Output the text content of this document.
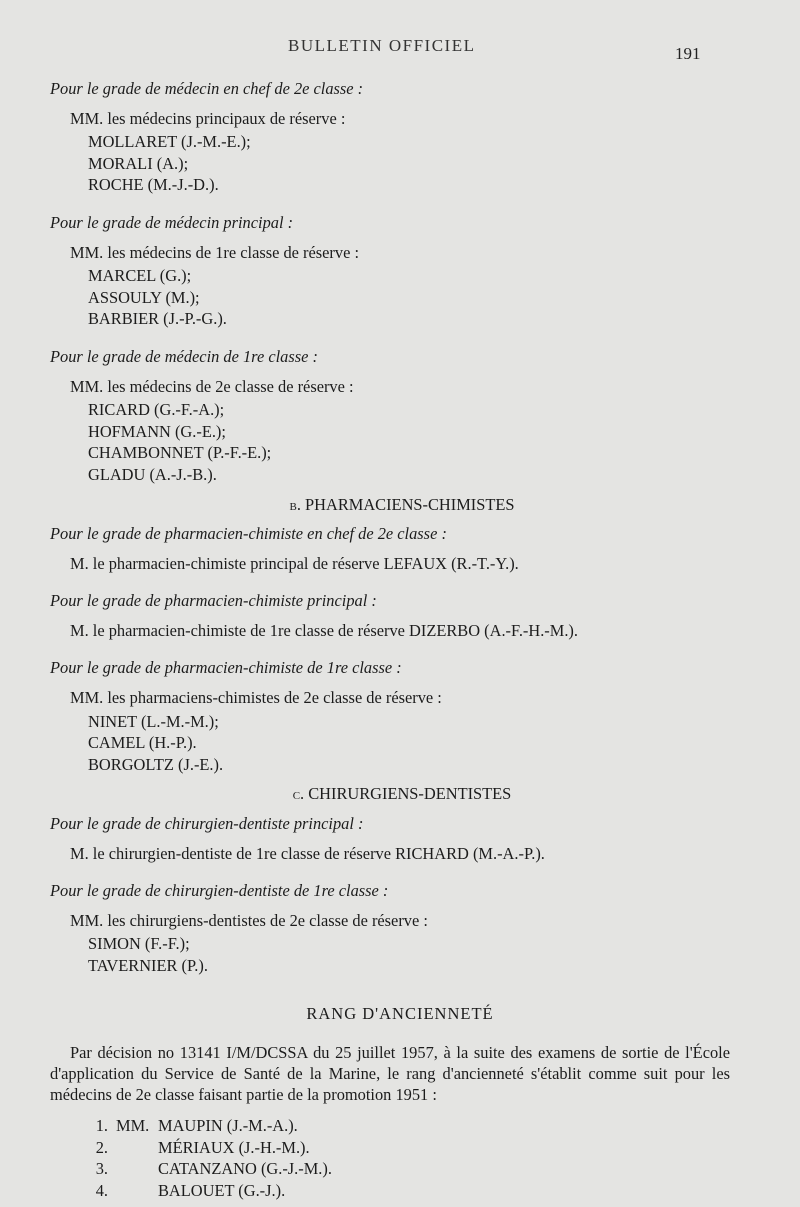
BULLETIN OFFICIEL	191
Pour le grade de médecin en chef de 2e classe :
MM. les médecins principaux de réserve :
MOLLARET (J.-M.-E.);
MORALI (A.);
ROCHE (M.-J.-D.).
Pour le grade de médecin principal :
MM. les médecins de 1re classe de réserve :
MARCEL (G.);
ASSOULY (M.);
BARBIER (J.-P.-G.).
Pour le grade de médecin de 1re classe :
MM. les médecins de 2e classe de réserve :
RICARD (G.-F.-A.);
HOFMANN (G.-E.);
CHAMBONNET (P.-F.-E.);
GLADU (A.-J.-B.).
b. PHARMACIENS-CHIMISTES
Pour le grade de pharmacien-chimiste en chef de 2e classe :
M. le pharmacien-chimiste principal de réserve LEFAUX (R.-T.-Y.).
Pour le grade de pharmacien-chimiste principal :
M. le pharmacien-chimiste de 1re classe de réserve DIZERBO (A.-F.-H.-M.).
Pour le grade de pharmacien-chimiste de 1re classe :
MM. les pharmaciens-chimistes de 2e classe de réserve :
NINET (L.-M.-M.);
CAMEL (H.-P.).
BORGOLTZ (J.-E.).
c. CHIRURGIENS-DENTISTES
Pour le grade de chirurgien-dentiste principal :
M. le chirurgien-dentiste de 1re classe de réserve RICHARD (M.-A.-P.).
Pour le grade de chirurgien-dentiste de 1re classe :
MM. les chirurgiens-dentistes de 2e classe de réserve :
SIMON (F.-F.);
TAVERNIER (P.).
RANG D'ANCIENNETÉ

Par décision no 13141 I/M/DCSSA du 25 juillet 1957, à la suite des examens de sortie de l'École d'application du Service de Santé de la Marine, le rang d'ancienneté s'établit comme suit pour les médecins de 2e classe faisant partie de la promotion 1951 :

1. MM. MAUPIN (J.-M.-A.).
2.	MÉRIAUX (J.-H.-M.).
3.	CATANZANO (G.-J.-M.).
4.	BALOUET (G.-J.).
